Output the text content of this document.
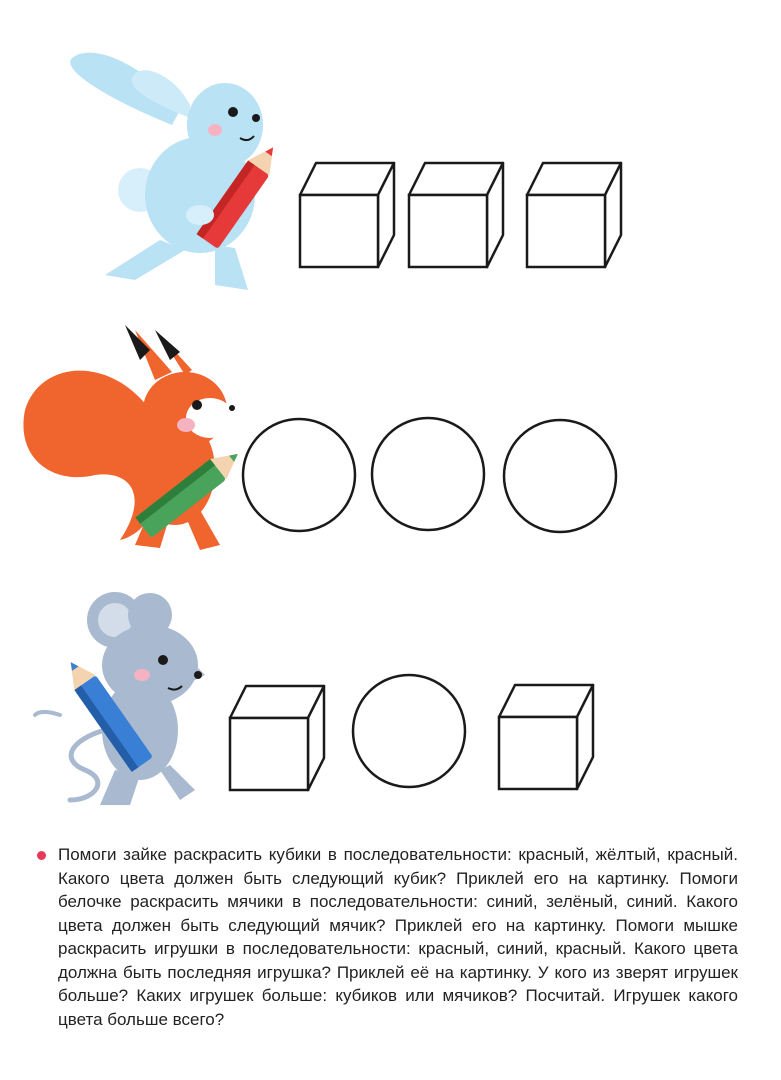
Помоги зайке раскрасить кубики в последовательности: красный, жёлтый, красный. Какого цвета должен быть следующий кубик? Приклей его на картинку. Помоги белочке раскрасить мячики в последовательности: синий, зелёный, синий. Какого цвета должен быть следующий мячик? Приклей его на картинку. Помоги мышке раскрасить игрушки в последовательности: красный, синий, красный. Какого цвета должна быть последняя игрушка? Приклей её на картинку. У кого из зверят игрушек больше? Каких игрушек больше: кубиков или мячиков? Посчитай. Игрушек какого цвета больше всего?
